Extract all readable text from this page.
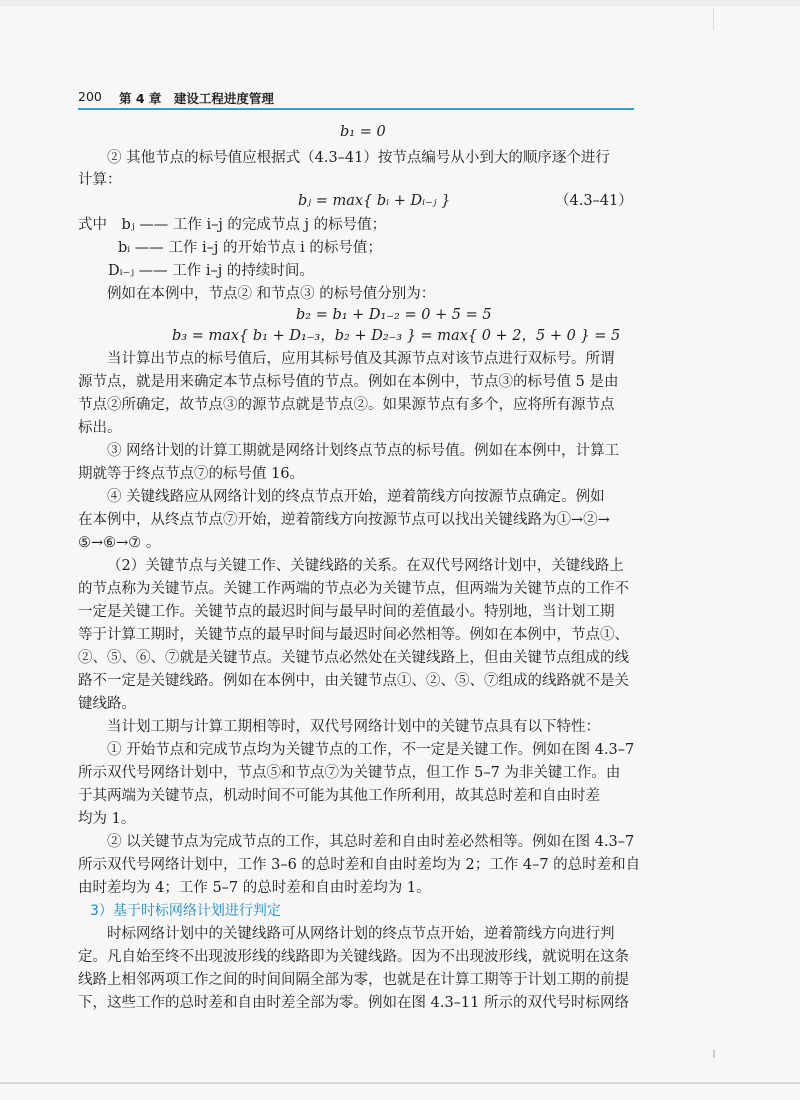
200 第 4 章　建设工程进度管理
b₁ = 0
② 其他节点的标号值应根据式（4.3–41）按节点编号从小到大的顺序逐个进行
计算：
bⱼ = max{ bᵢ + Dᵢ₋ⱼ }	（4.3–41）
式中　bⱼ —— 工作 i–j 的完成节点 j 的标号值；
bᵢ —— 工作 i–j 的开始节点 i 的标号值；
Dᵢ₋ⱼ —— 工作 i–j 的持续时间。
例如在本例中，节点② 和节点③ 的标号值分别为：
b₂ = b₁ + D₁₋₂ = 0 + 5 = 5
b₃ = max{ b₁ + D₁₋₃，b₂ + D₂₋₃ } = max{ 0 + 2，5 + 0 } = 5
当计算出节点的标号值后，应用其标号值及其源节点对该节点进行双标号。所谓
源节点，就是用来确定本节点标号值的节点。例如在本例中，节点③的标号值 5 是由
节点②所确定，故节点③的源节点就是节点②。如果源节点有多个，应将所有源节点
标出。
③ 网络计划的计算工期就是网络计划终点节点的标号值。例如在本例中，计算工
期就等于终点节点⑦的标号值 16。
④ 关键线路应从网络计划的终点节点开始，逆着箭线方向按源节点确定。例如
在本例中，从终点节点⑦开始，逆着箭线方向按源节点可以找出关键线路为①→②→
⑤→⑥→⑦ 。
（2）关键节点与关键工作、关键线路的关系。在双代号网络计划中，关键线路上
的节点称为关键节点。关键工作两端的节点必为关键节点，但两端为关键节点的工作不
一定是关键工作。关键节点的最迟时间与最早时间的差值最小。特别地，当计划工期
等于计算工期时，关键节点的最早时间与最迟时间必然相等。例如在本例中，节点①、
②、⑤、⑥、⑦就是关键节点。关键节点必然处在关键线路上，但由关键节点组成的线
路不一定是关键线路。例如在本例中，由关键节点①、②、⑤、⑦组成的线路就不是关
键线路。
当计划工期与计算工期相等时，双代号网络计划中的关键节点具有以下特性：
① 开始节点和完成节点均为关键节点的工作，不一定是关键工作。例如在图 4.3–7
所示双代号网络计划中，节点⑤和节点⑦为关键节点，但工作 5–7 为非关键工作。由
于其两端为关键节点，机动时间不可能为其他工作所利用，故其总时差和自由时差
均为 1。
② 以关键节点为完成节点的工作，其总时差和自由时差必然相等。例如在图 4.3–7
所示双代号网络计划中，工作 3–6 的总时差和自由时差均为 2；工作 4–7 的总时差和自
由时差均为 4；工作 5–7 的总时差和自由时差均为 1。
3）基于时标网络计划进行判定
时标网络计划中的关键线路可从网络计划的终点节点开始，逆着箭线方向进行判
定。凡自始至终不出现波形线的线路即为关键线路。因为不出现波形线，就说明在这条
线路上相邻两项工作之间的时间间隔全部为零，也就是在计算工期等于计划工期的前提
下，这些工作的总时差和自由时差全部为零。例如在图 4.3–11 所示的双代号时标网络
